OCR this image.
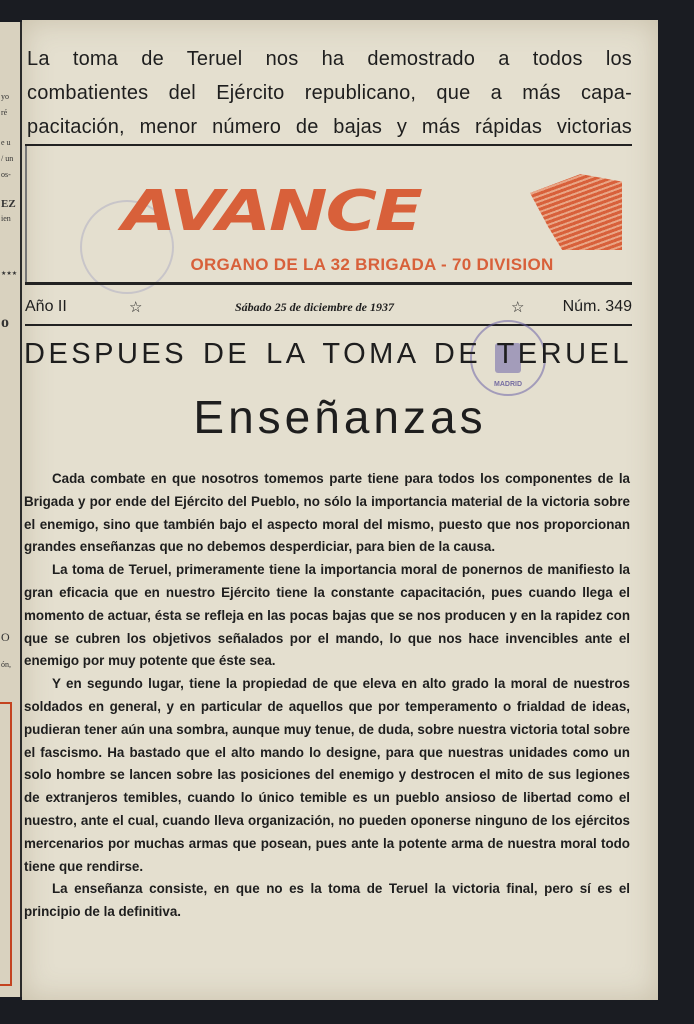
yo
ré
e u
/ un
os-
EZ
ien
★★★
o
O
ón,
La toma de Teruel nos ha demostrado a todos los
combatientes del Ejército republicano, que a más capa-
pacitación, menor número de bajas y más rápidas victorias
AVANCE
ORGANO DE LA 32 BRIGADA - 70 DIVISION
Año II	☆	Sábado 25 de diciembre de 1937	☆ Núm. 349
MADRID
DESPUES DE LA TOMA DE TERUEL
Enseñanzas

Cada combate en que nosotros tomemos parte tiene para todos los componentes de la Brigada y por ende del Ejército del Pueblo, no sólo la importancia material de la victoria sobre el enemigo, sino que también bajo el aspecto moral del mismo, puesto que nos proporcionan grandes enseñanzas que no debemos desperdiciar, para bien de la causa.

La toma de Teruel, primeramente tiene la importancia moral de ponernos de manifiesto la gran eficacia que en nuestro Ejército tiene la constante capacitación, pues cuando llega el momento de actuar, ésta se refleja en las pocas bajas que se nos producen y en la rapidez con que se cubren los objetivos señalados por el mando, lo que nos hace invencibles ante el enemigo por muy potente que éste sea.

Y en segundo lugar, tiene la propiedad de que eleva en alto grado la moral de nuestros soldados en general, y en particular de aquellos que por temperamento o frialdad de ideas, pudieran tener aún una sombra, aunque muy tenue, de duda, sobre nuestra victoria total sobre el fascismo. Ha bastado que el alto mando lo designe, para que nuestras unidades como un solo hombre se lancen sobre las posiciones del enemigo y destrocen el mito de sus legiones de extranjeros temibles, cuando lo único temible es un pueblo ansioso de libertad como el nuestro, ante el cual, cuando lleva organización, no pueden oponerse ninguno de los ejércitos mercenarios por muchas armas que posean, pues ante la potente arma de nuestra moral todo tiene que rendirse.

La enseñanza consiste, en que no es la toma de Teruel la victoria final, pero sí es el principio de la definitiva.
